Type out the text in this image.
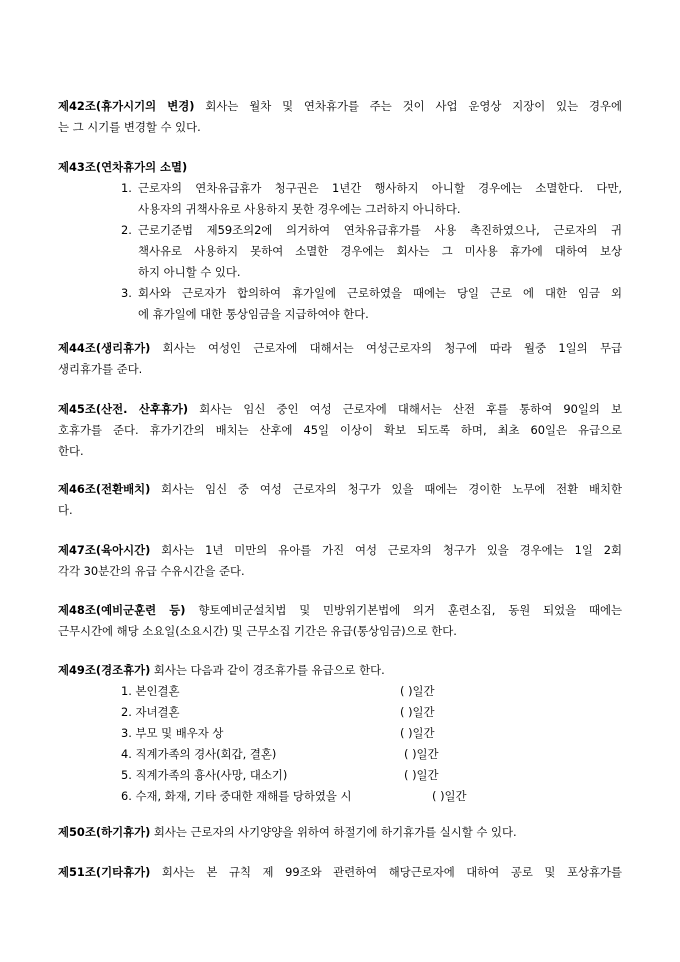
제42조(휴가시기의 변경) 회사는 월차 및 연차휴가를 주는 것이 사업 운영상 지장이 있는 경우에
는 그 시기를 변경할 수 있다.
제43조(연차휴가의 소멸)
1. 근로자의 연차유급휴가 청구권은 1년간 행사하지 아니할 경우에는 소멸한다. 다만,
사용자의 귀책사유로 사용하지 못한 경우에는 그러하지 아니하다.
2. 근로기준법 제59조의2에 의거하여 연차유급휴가를 사용 촉진하였으나, 근로자의 귀
책사유로 사용하지 못하여 소멸한 경우에는 회사는 그 미사용 휴가에 대하여 보상
하지 아니할 수 있다.
3. 회사와 근로자가 합의하여 휴가일에 근로하였을 때에는 당일 근로 에 대한 임금 외
에 휴가일에 대한 통상임금을 지급하여야 한다.
제44조(생리휴가) 회사는 여성인 근로자에 대해서는 여성근로자의 청구에 따라 월중 1일의 무급
생리휴가를 준다.
제45조(산전. 산후휴가) 회사는 임신 중인 여성 근로자에 대해서는 산전 후를 통하여 90일의 보
호휴가를 준다. 휴가기간의 배치는 산후에 45일 이상이 확보 되도록 하며, 최초 60일은 유급으로
한다.
제46조(전환배치) 회사는 임신 중 여성 근로자의 청구가 있을 때에는 경이한 노무에 전환 배치한
다.
제47조(육아시간) 회사는 1년 미만의 유아를 가진 여성 근로자의 청구가 있을 경우에는 1일 2회
각각 30분간의 유급 수유시간을 준다.
제48조(예비군훈련 등) 향토예비군설치법 및 민방위기본법에 의거 훈련소집, 동원 되었을 때에는
근무시간에 해당 소요일(소요시간) 및 근무소집 기간은 유급(통상임금)으로 한다.
제49조(경조휴가) 회사는 다음과 같이 경조휴가를 유급으로 한다.
1. 본인결혼	( )일간
2. 자녀결혼	( )일간
3. 부모 및 배우자 상	( )일간
4. 직계가족의 경사(회갑, 결혼)	( )일간
5. 직계가족의 흉사(사망, 대소기)	( )일간
6. 수재, 화재, 기타 중대한 재해를 당하였을 시	( )일간
제50조(하기휴가) 회사는 근로자의 사기양양을 위하여 하절기에 하기휴가를 실시할 수 있다.
제51조(기타휴가) 회사는 본 규칙 제 99조와 관련하여 해당근로자에 대하여 공로 및 포상휴가를
